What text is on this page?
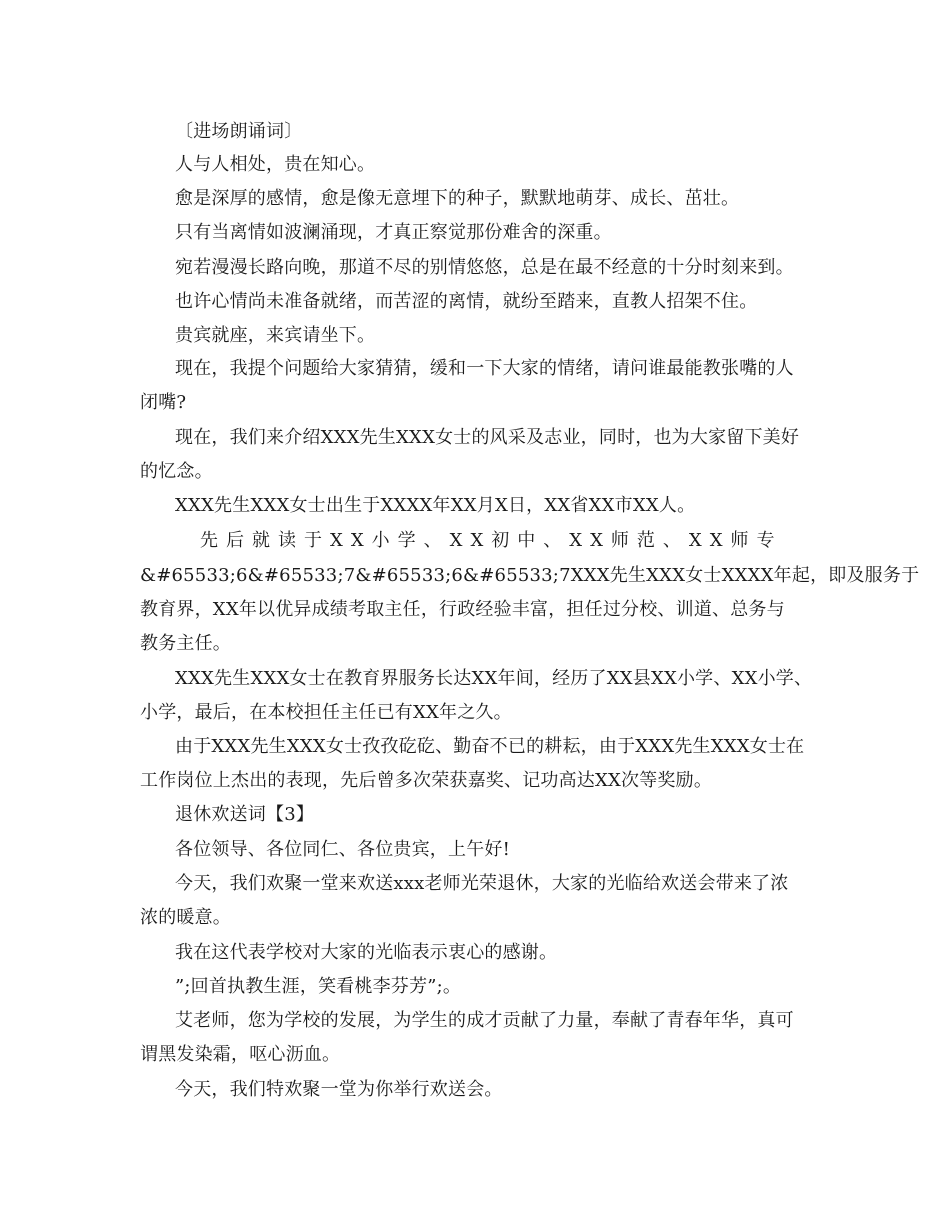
〔进场朗诵词〕
人与人相处，贵在知心。
愈是深厚的感情，愈是像无意埋下的种子，默默地萌芽、成长、茁壮。
只有当离情如波澜涌现，才真正察觉那份难舍的深重。
宛若漫漫长路向晚，那道不尽的别情悠悠，总是在最不经意的十分时刻来到。
也许心情尚未准备就绪，而苦涩的离情，就纷至踏来，直教人招架不住。
贵宾就座，来宾请坐下。
现在，我提个问题给大家猜猜，缓和一下大家的情绪，请问谁最能教张嘴的人
闭嘴?
现在，我们来介绍XXX先生XXX女士的风采及志业，同时，也为大家留下美好
的忆念。
XXX先生XXX女士出生于XXXX年XX月X日，XX省XX市XX人。
先后就读于XX小学、XX初中、XX师范、XX师专
&#65533;6&#65533;7&#65533;6&#65533;7XXX先生XXX女士XXXX年起，即及服务于
教育界，XX年以优异成绩考取主任，行政经验丰富，担任过分校、训道、总务与
教务主任。
XXX先生XXX女士在教育界服务长达XX年间，经历了XX县XX小学、XX小学、
小学，最后，在本校担任主任已有XX年之久。
由于XXX先生XXX女士孜孜矻矻、勤奋不已的耕耘，由于XXX先生XXX女士在
工作岗位上杰出的表现，先后曾多次荣获嘉奖、记功高达XX次等奖励。
退休欢送词【3】
各位领导、各位同仁、各位贵宾，上午好!
今天，我们欢聚一堂来欢送xxx老师光荣退休，大家的光临给欢送会带来了浓
浓的暖意。
我在这代表学校对大家的光临表示衷心的感谢。
”;回首执教生涯，笑看桃李芬芳”;。
艾老师，您为学校的发展，为学生的成才贡献了力量，奉献了青春年华，真可
谓黑发染霜，呕心沥血。
今天，我们特欢聚一堂为你举行欢送会。
